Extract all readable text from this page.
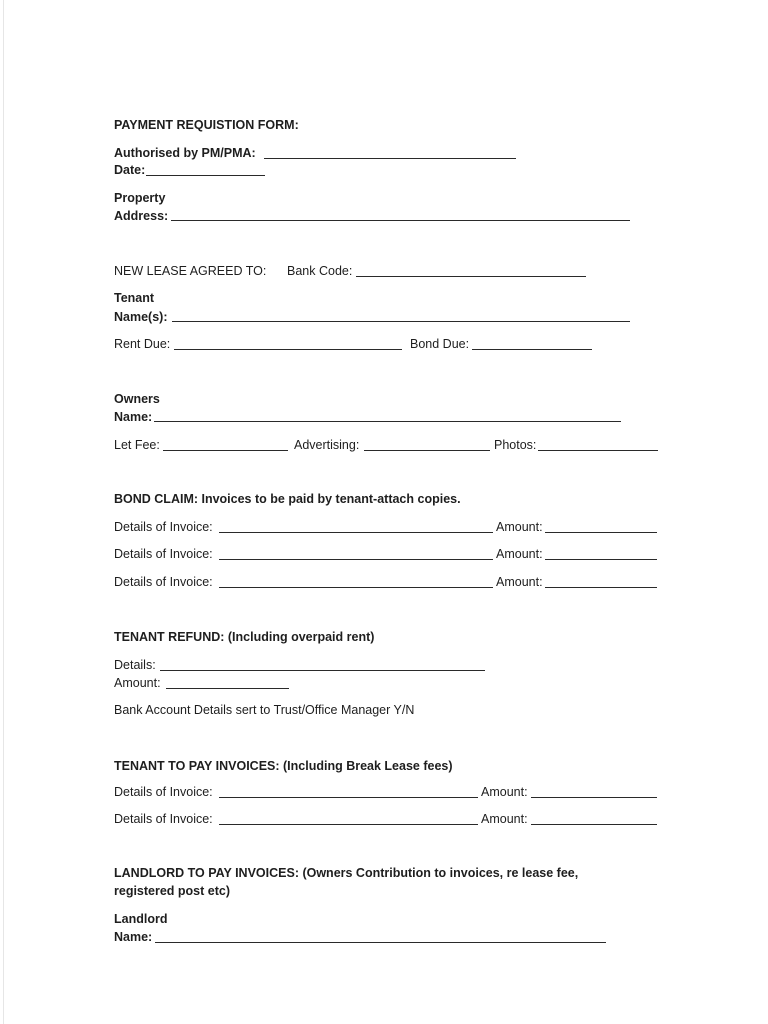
PAYMENT REQUISTION FORM:
Authorised by PM/PMA:
Date:
Property
Address:
NEW LEASE AGREED TO: Bank Code:
Tenant
Name(s):
Rent Due:	Bond Due:
Owners
Name:
Let Fee:	Advertising:	Photos:
BOND CLAIM: Invoices to be paid by tenant-attach copies.
Details of Invoice:	Amount:
Details of Invoice:	Amount:
Details of Invoice:	Amount:
TENANT REFUND: (Including overpaid rent)
Details:
Amount:
Bank Account Details sert to Trust/Office Manager Y/N
TENANT TO PAY INVOICES: (Including Break Lease fees)
Details of Invoice:	Amount:
Details of Invoice:	Amount:
LANDLORD TO PAY INVOICES: (Owners Contribution to invoices, re lease fee,
registered post etc)
Landlord
Name:
